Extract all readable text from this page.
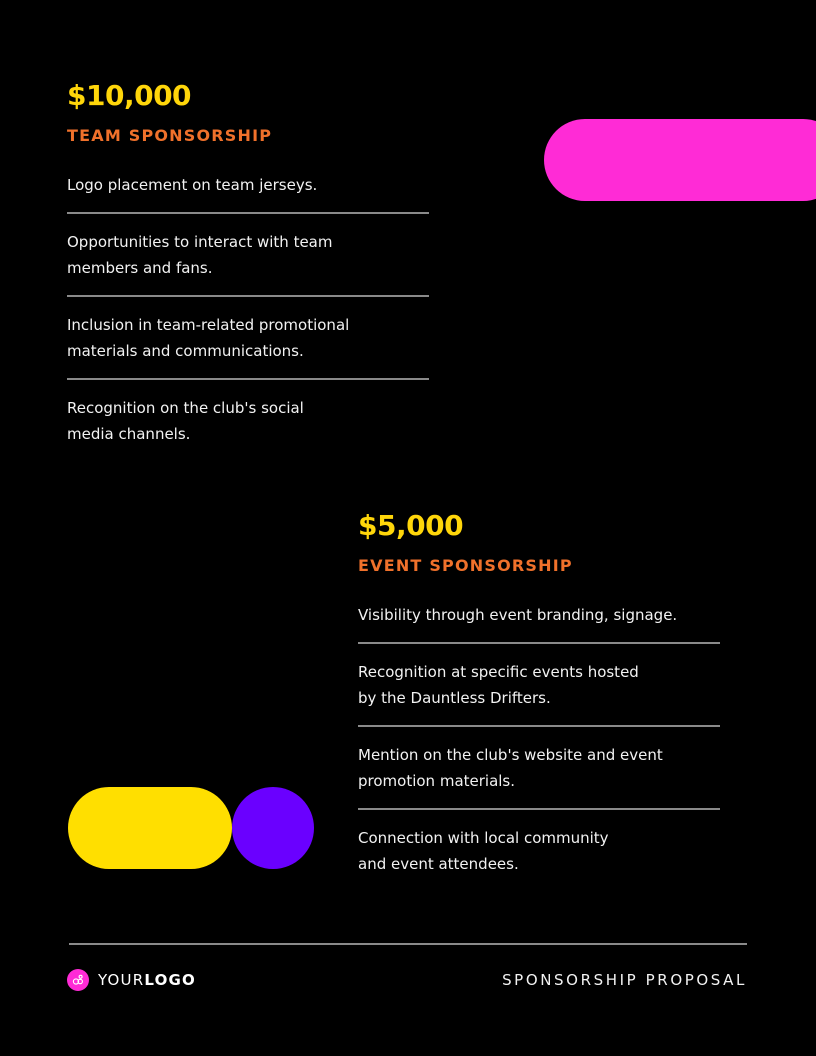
$10,000
TEAM SPONSORSHIP
Logo placement on team jerseys.
Opportunities to interact with team
members and fans.
Inclusion in team-related promotional
materials and communications.
Recognition on the club's social
media channels.
$5,000
EVENT SPONSORSHIP
Visibility through event branding, signage.
Recognition at specific events hosted
by the Dauntless Drifters.
Mention on the club's website and event
promotion materials.
Connection with local community
and event attendees.
YOURLOGO	SPONSORSHIP PROPOSAL
